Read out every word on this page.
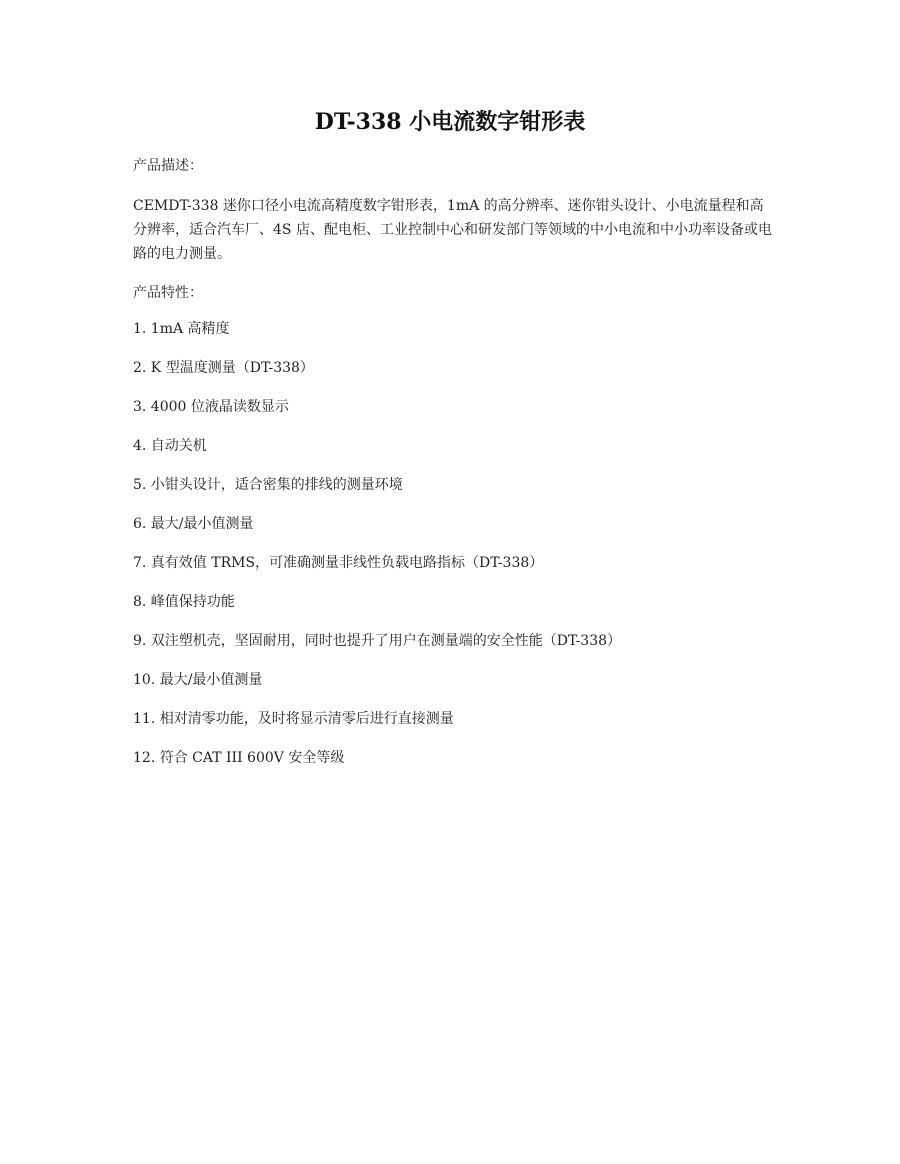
DT-338 小电流数字钳形表
产品描述：

CEMDT-338 迷你口径小电流高精度数字钳形表，1mA 的高分辨率、迷你钳头设计、小电流量程和高分辨率，适合汽车厂、4S 店、配电柜、工业控制中心和研发部门等领域的中小电流和中小功率设备或电路的电力测量。

产品特性：
1. 1mA 高精度
2. K 型温度测量（DT-338）
3. 4000 位液晶读数显示
4. 自动关机
5. 小钳头设计，适合密集的排线的测量环境
6. 最大/最小值测量
7. 真有效值 TRMS，可准确测量非线性负载电路指标（DT-338）
8. 峰值保持功能
9. 双注塑机壳，坚固耐用，同时也提升了用户在测量端的安全性能（DT-338）
10. 最大/最小值测量
11. 相对清零功能，及时将显示清零后进行直接测量
12. 符合 CAT III 600V 安全等级
